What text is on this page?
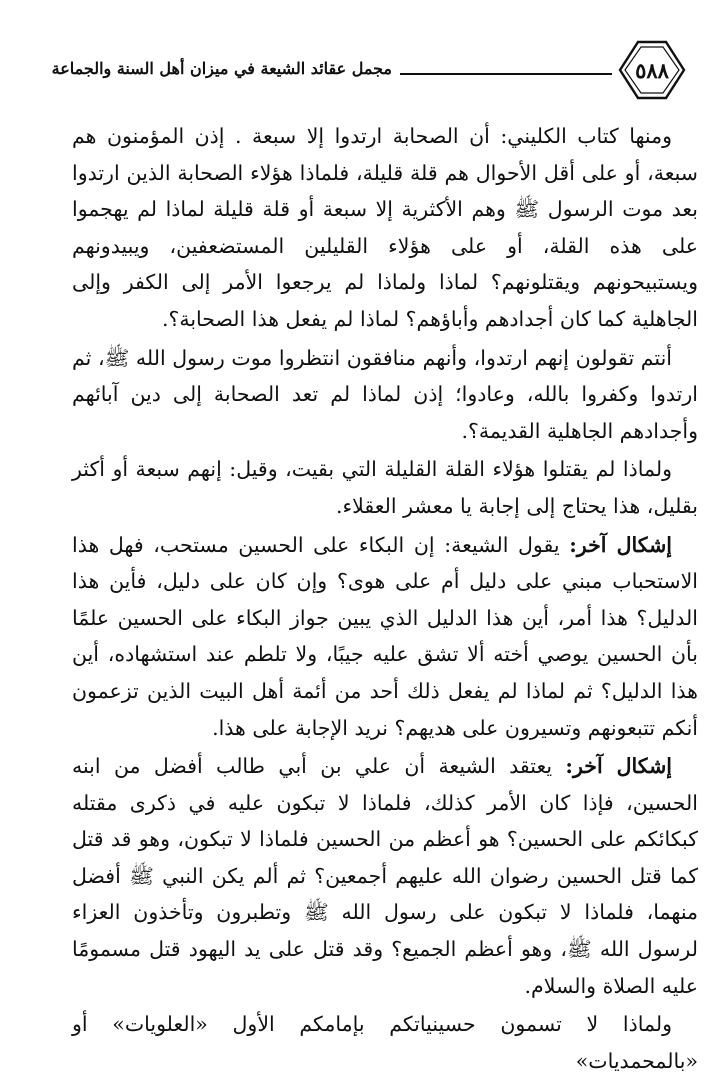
مجمل عقائد الشيعة في ميزان أهل السنة والجماعة	٥٨٨

ومنها كتاب الكليني: أن الصحابة ارتدوا إلا سبعة . إذن المؤمنون هم سبعة، أو على أقل الأحوال هم قلة قليلة، فلماذا هؤلاء الصحابة الذين ارتدوا بعد موت الرسول ﷺ وهم الأكثرية إلا سبعة أو قلة قليلة لماذا لم يهجموا على هذه القلة، أو على هؤلاء القليلين المستضعفين، ويبيدونهم ويستبيحونهم ويقتلونهم؟ لماذا ولماذا لم يرجعوا الأمر إلى الكفر وإلى الجاهلية كما كان أجدادهم وأباؤهم؟ لماذا لم يفعل هذا الصحابة؟.

أنتم تقولون إنهم ارتدوا، وأنهم منافقون انتظروا موت رسول الله ﷺ، ثم ارتدوا وكفروا بالله، وعادوا؛ إذن لماذا لم تعد الصحابة إلى دين آبائهم وأجدادهم الجاهلية القديمة؟.

ولماذا لم يقتلوا هؤلاء القلة القليلة التي بقيت، وقيل: إنهم سبعة أو أكثر بقليل، هذا يحتاج إلى إجابة يا معشر العقلاء.

إشكال آخر: يقول الشيعة: إن البكاء على الحسين مستحب، فهل هذا الاستحباب مبني على دليل أم على هوى؟ وإن كان على دليل، فأين هذا الدليل؟ هذا أمر، أين هذا الدليل الذي يبين جواز البكاء على الحسين علمًا بأن الحسين يوصي أخته ألا تشق عليه جيبًا، ولا تلطم عند استشهاده، أين هذا الدليل؟ ثم لماذا لم يفعل ذلك أحد من أئمة أهل البيت الذين تزعمون أنكم تتبعونهم وتسيرون على هديهم؟ نريد الإجابة على هذا.

إشكال آخر: يعتقد الشيعة أن علي بن أبي طالب أفضل من ابنه الحسين، فإذا كان الأمر كذلك، فلماذا لا تبكون عليه في ذكرى مقتله كبكائكم على الحسين؟ هو أعظم من الحسين فلماذا لا تبكون، وهو قد قتل كما قتل الحسين رضوان الله عليهم أجمعين؟ ثم ألم يكن النبي ﷺ أفضل منهما، فلماذا لا تبكون على رسول الله ﷺ وتطبرون وتأخذون العزاء لرسول الله ﷺ، وهو أعظم الجميع؟ وقد قتل على يد اليهود قتل مسمومًا عليه الصلاة والسلام.

ولماذا لا تسمون حسينياتكم بإمامكم الأول «العلويات» أو «بالمحمديات»
